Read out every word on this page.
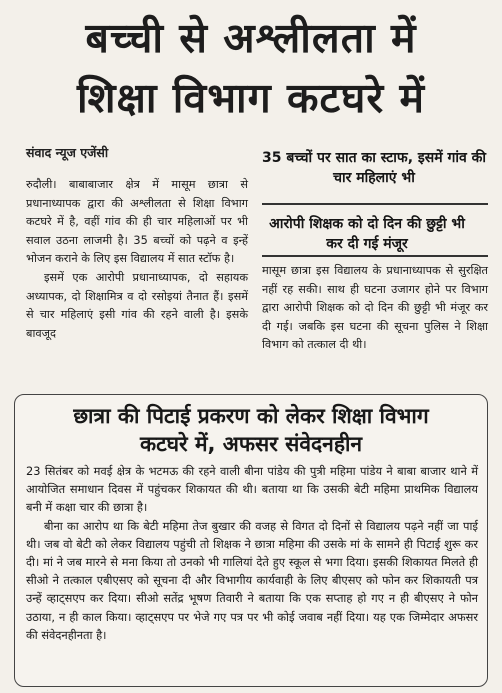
बच्ची से अश्लीलता में
शिक्षा विभाग कटघरे में
संवाद न्यूज एजेंसी

रुदौली। बाबाबाजार क्षेत्र में मासूम छात्रा से प्रधानाध्यापक द्वारा की अश्लीलता से शिक्षा विभाग कटघरे में है, वहीं गांव की ही चार महिलाओं पर भी सवाल उठना लाजमी है। 35 बच्चों को पढ़ने व इन्हें भोजन कराने के लिए इस विद्यालय में सात स्टॉफ है।

इसमें एक आरोपी प्रधानाध्यापक, दो सहायक अध्यापक, दो शिक्षामित्र व दो रसोइयां तैनात हैं। इसमें से चार महिलाएं इसी गांव की रहने वाली है। इसके बावजूद

35 बच्चों पर सात का स्टाफ, इसमें गांव की चार महिलाएं भी
आरोपी शिक्षक को दो दिन की छुट्टी भी कर दी गई मंजूर

मासूम छात्रा इस विद्यालय के प्रधानाध्यापक से सुरक्षित नहीं रह सकी। साथ ही घटना उजागर होने पर विभाग द्वारा आरोपी शिक्षक को दो दिन की छुट्टी भी मंजूर कर दी गई। जबकि इस घटना की सूचना पुलिस ने शिक्षा विभाग को तत्काल दी थी।

छात्रा की पिटाई प्रकरण को लेकर शिक्षा विभाग
कटघरे में, अफसर संवेदनहीन

23 सितंबर को मवई क्षेत्र के भटमऊ की रहने वाली बीना पांडेय की पुत्री महिमा पांडेय ने बाबा बाजार थाने में आयोजित समाधान दिवस में पहुंचकर शिकायत की थी। बताया था कि उसकी बेटी महिमा प्राथमिक विद्यालय बनी में कक्षा चार की छात्रा है।

बीना का आरोप था कि बेटी महिमा तेज बुखार की वजह से विगत दो दिनों से विद्यालय पढ़ने नहीं जा पाई थी। जब वो बेटी को लेकर विद्यालय पहुंची तो शिक्षक ने छात्रा महिमा की उसके मां के सामने ही पिटाई शुरू कर दी। मां ने जब मारने से मना किया तो उनको भी गालियां देते हुए स्कूल से भगा दिया। इसकी शिकायत मिलते ही सीओ ने तत्काल एबीएसए को सूचना दी और विभागीय कार्यवाही के लिए बीएसए को फोन कर शिकायती पत्र उन्हें व्हाट्सएप कर दिया। सीओ सतेंद्र भूषण तिवारी ने बताया कि एक सप्ताह हो गए न ही बीएसए ने फोन उठाया, न ही काल किया। व्हाट्सएप पर भेजे गए पत्र पर भी कोई जवाब नहीं दिया। यह एक जिम्मेदार अफसर की संवेदनहीनता है।
